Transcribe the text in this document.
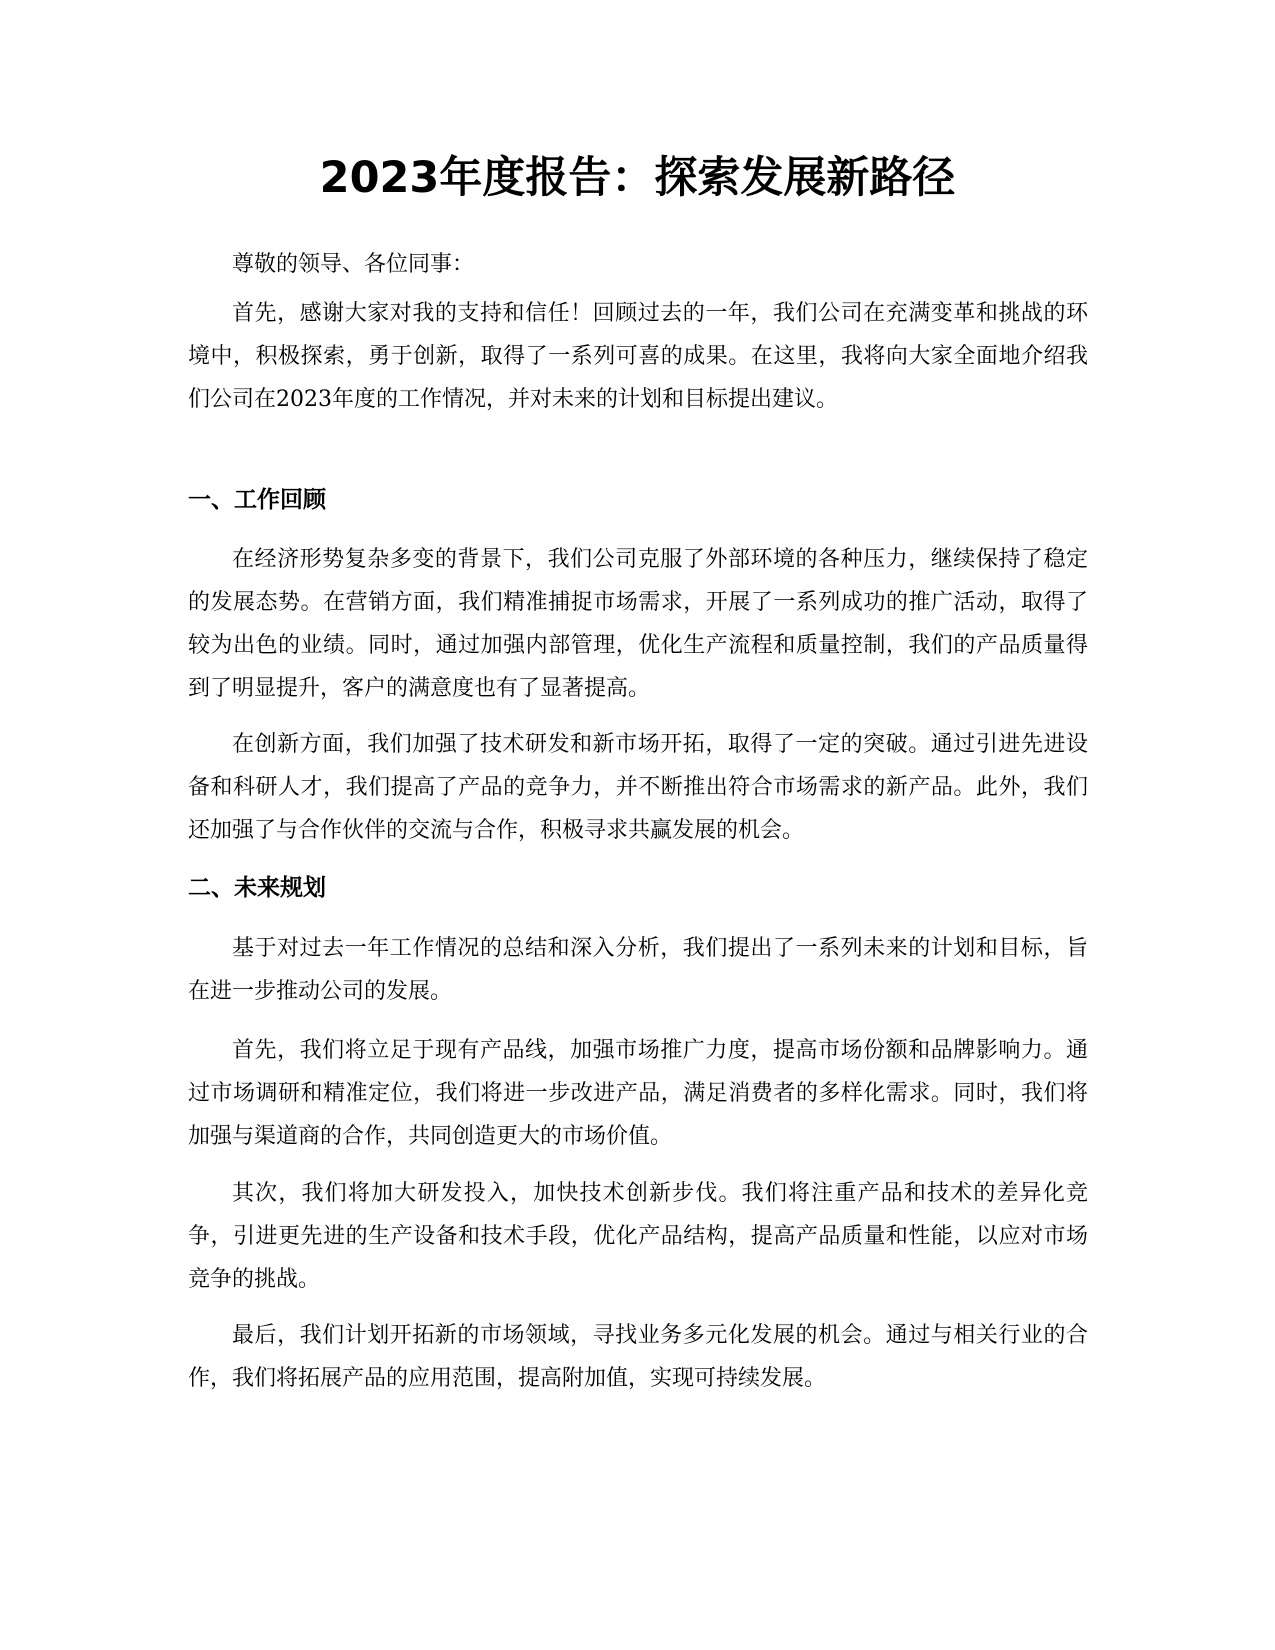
2023年度报告：探索发展新路径

尊敬的领导、各位同事：

首先，感谢大家对我的支持和信任！回顾过去的一年，我们公司在充满变革和挑战的环境中，积极探索，勇于创新，取得了一系列可喜的成果。在这里，我将向大家全面地介绍我们公司在2023年度的工作情况，并对未来的计划和目标提出建议。

一、工作回顾

在经济形势复杂多变的背景下，我们公司克服了外部环境的各种压力，继续保持了稳定的发展态势。在营销方面，我们精准捕捉市场需求，开展了一系列成功的推广活动，取得了较为出色的业绩。同时，通过加强内部管理，优化生产流程和质量控制，我们的产品质量得到了明显提升，客户的满意度也有了显著提高。

在创新方面，我们加强了技术研发和新市场开拓，取得了一定的突破。通过引进先进设备和科研人才，我们提高了产品的竞争力，并不断推出符合市场需求的新产品。此外，我们还加强了与合作伙伴的交流与合作，积极寻求共赢发展的机会。

二、未来规划

基于对过去一年工作情况的总结和深入分析，我们提出了一系列未来的计划和目标，旨在进一步推动公司的发展。

首先，我们将立足于现有产品线，加强市场推广力度，提高市场份额和品牌影响力。通过市场调研和精准定位，我们将进一步改进产品，满足消费者的多样化需求。同时，我们将加强与渠道商的合作，共同创造更大的市场价值。

其次，我们将加大研发投入，加快技术创新步伐。我们将注重产品和技术的差异化竞争，引进更先进的生产设备和技术手段，优化产品结构，提高产品质量和性能，以应对市场竞争的挑战。

最后，我们计划开拓新的市场领域，寻找业务多元化发展的机会。通过与相关行业的合作，我们将拓展产品的应用范围，提高附加值，实现可持续发展。
